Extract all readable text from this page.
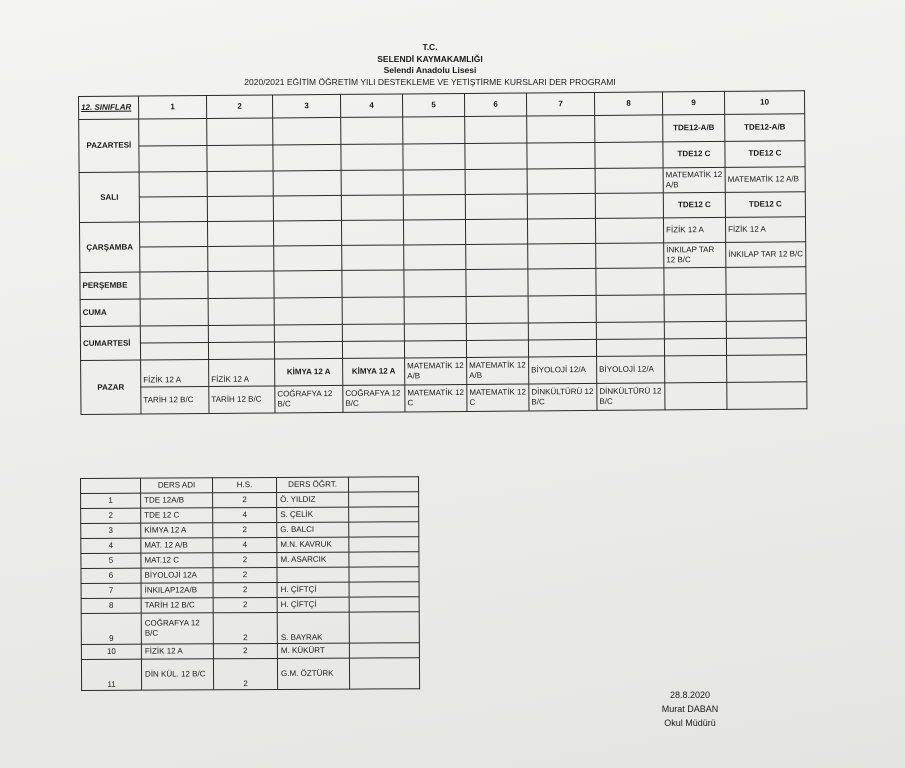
T.C.
SELENDİ KAYMAKAMLIĞI
Selendi Anadolu Lisesi
2020/2021 EĞİTİM ÖĞRETİM YILI DESTEKLEME VE YETİŞTİRME KURSLARI DER PROGRAMI
12. SINIFLAR	1	2	3	4	5	6	7	8	9	10
PAZARTESİ									TDE12-A/B	TDE12-A/B
									TDE12 C	TDE12 C
SALI									MATEMATİK 12 A/B	MATEMATİK 12 A/B
									TDE12 C	TDE12 C
ÇARŞAMBA									FİZİK 12 A	FİZİK 12 A
									İNKILAP TAR 12 B/C	İNKILAP TAR 12 B/C
PERŞEMBE										
CUMA										
CUMARTESİ										

PAZAR	FİZİK 12 A	FİZİK 12 A	KİMYA 12 A	KİMYA 12 A	MATEMATİK 12 A/B	MATEMATİK 12 A/B	BİYOLOJİ 12/A	BİYOLOJİ 12/A		
	TARİH 12 B/C	TARİH 12 B/C	COĞRAFYA 12 B/C	COĞRAFYA 12 B/C	MATEMATİK 12 C	MATEMATİK 12 C	DİNKÜLTÜRÜ 12 B/C	DİNKÜLTÜRÜ 12 B/C		
	DERS ADI	H.S.	DERS ÖĞRT.	
1	TDE 12A/B	2	Ö. YILDIZ	
2	TDE 12 C	4	S. ÇELİK	
3	KİMYA 12 A	2	G. BALCI	
4	MAT. 12 A/B	4	M.N. KAVRUK	
5	MAT.12 C	2	M. ASARCIK	
6	BİYOLOJİ 12A	2		
7	İNKILAP12A/B	2	H. ÇİFTÇİ	
8	TARİH 12 B/C	2	H. ÇİFTÇİ	
9	COĞRAFYA 12 B/C	2	S. BAYRAK	
10	FİZİK 12 A	2	M. KÜKÜRT	
11	DİN KÜL. 12 B/C	2	G.M. ÖZTÜRK	
28.8.2020
Murat DABAN
Okul Müdürü
